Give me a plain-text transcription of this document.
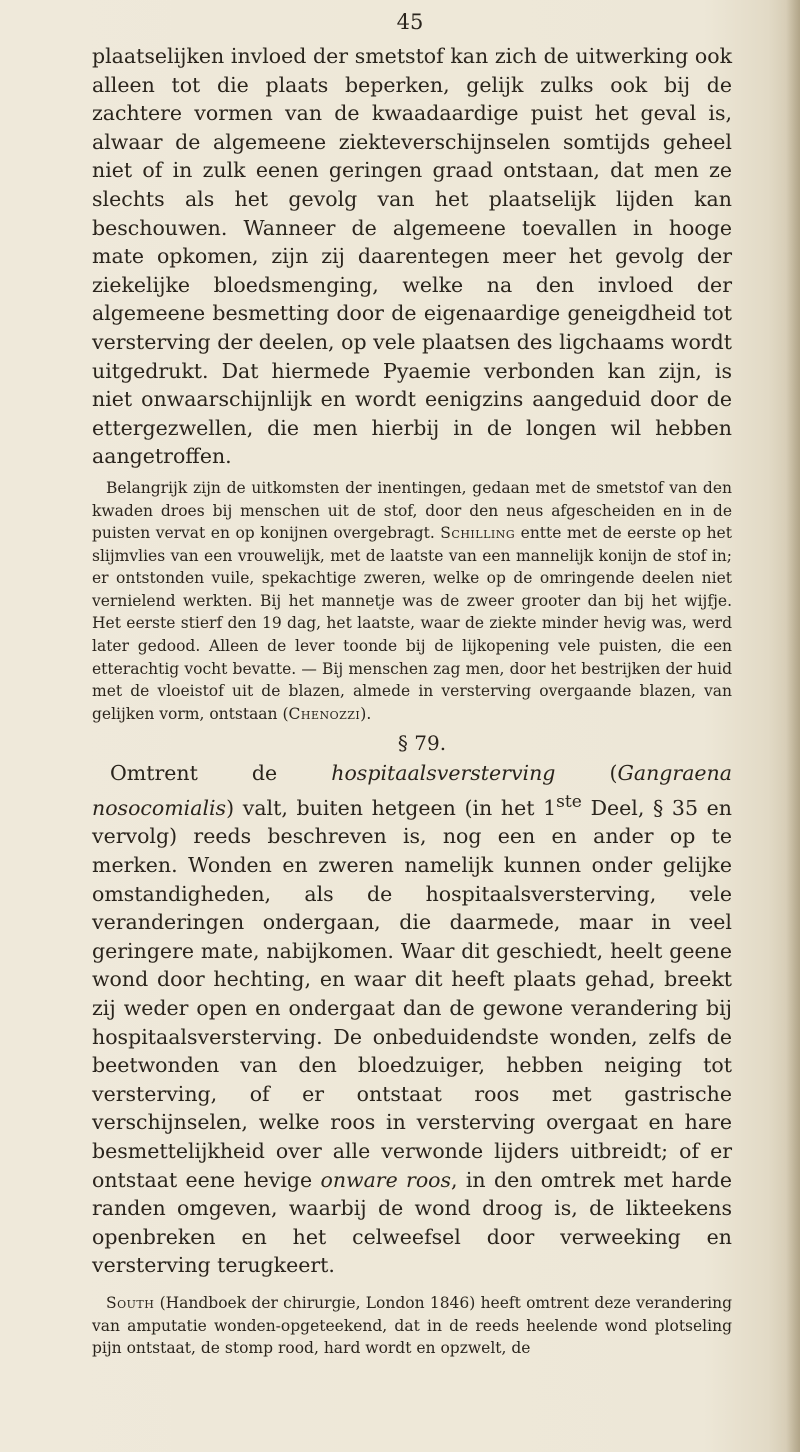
45

plaatselijken invloed der smetstof kan zich de uitwerking ook alleen tot die plaats beperken, gelijk zulks ook bij de zachtere vormen van de kwaadaardige puist het geval is, alwaar de algemeene ziekteverschijnselen somtijds geheel niet of in zulk eenen geringen graad ontstaan, dat men ze slechts als het gevolg van het plaatselijk lijden kan beschouwen. Wanneer de algemeene toevallen in hooge mate opkomen, zijn zij daarentegen meer het gevolg der ziekelijke bloedsmenging, welke na den invloed der algemeene besmetting door de eigenaardige geneigdheid tot versterving der deelen, op vele plaatsen des ligchaams wordt uitgedrukt. Dat hiermede Pyaemie verbonden kan zijn, is niet onwaarschijnlijk en wordt eenigzins aangeduid door de ettergezwellen, die men hierbij in de longen wil hebben aangetroffen.

Belangrijk zijn de uitkomsten der inentingen, gedaan met de smetstof van den kwaden droes bij menschen uit de stof, door den neus afgescheiden en in de puisten vervat en op konijnen overgebragt. Schilling entte met de eerste op het slijmvlies van een vrouwelijk, met de laatste van een mannelijk konijn de stof in; er ontstonden vuile, spekachtige zweren, welke op de omringende deelen niet vernielend werkten. Bij het mannetje was de zweer grooter dan bij het wijfje. Het eerste stierf den 19 dag, het laatste, waar de ziekte minder hevig was, werd later gedood. Alleen de lever toonde bij de lijkopening vele puisten, die een etterachtig vocht bevatte. — Bij menschen zag men, door het bestrijken der huid met de vloeistof uit de blazen, almede in versterving overgaande blazen, van gelijken vorm, ontstaan (Chenozzi).

§ 79.

Omtrent de hospitaalsversterving (Gangraena nosocomialis) valt, buiten hetgeen (in het 1ste Deel, § 35 en vervolg) reeds beschreven is, nog een en ander op te merken. Wonden en zweren namelijk kunnen onder gelijke omstandigheden, als de hospitaalsversterving, vele veranderingen ondergaan, die daarmede, maar in veel geringere mate, nabijkomen. Waar dit geschiedt, heelt geene wond door hechting, en waar dit heeft plaats gehad, breekt zij weder open en ondergaat dan de gewone verandering bij hospitaalsversterving. De onbeduidendste wonden, zelfs de beetwonden van den bloedzuiger, hebben neiging tot versterving, of er ontstaat roos met gastrische verschijnselen, welke roos in versterving overgaat en hare besmettelijkheid over alle verwonde lijders uitbreidt; of er ontstaat eene hevige onware roos, in den omtrek met harde randen omgeven, waarbij de wond droog is, de likteekens openbreken en het celweefsel door verweeking en versterving terugkeert.

South (Handboek der chirurgie, London 1846) heeft omtrent deze verandering van amputatie wonden-opgeteekend, dat in de reeds heelende wond plotseling pijn ontstaat, de stomp rood, hard wordt en opzwelt, de
